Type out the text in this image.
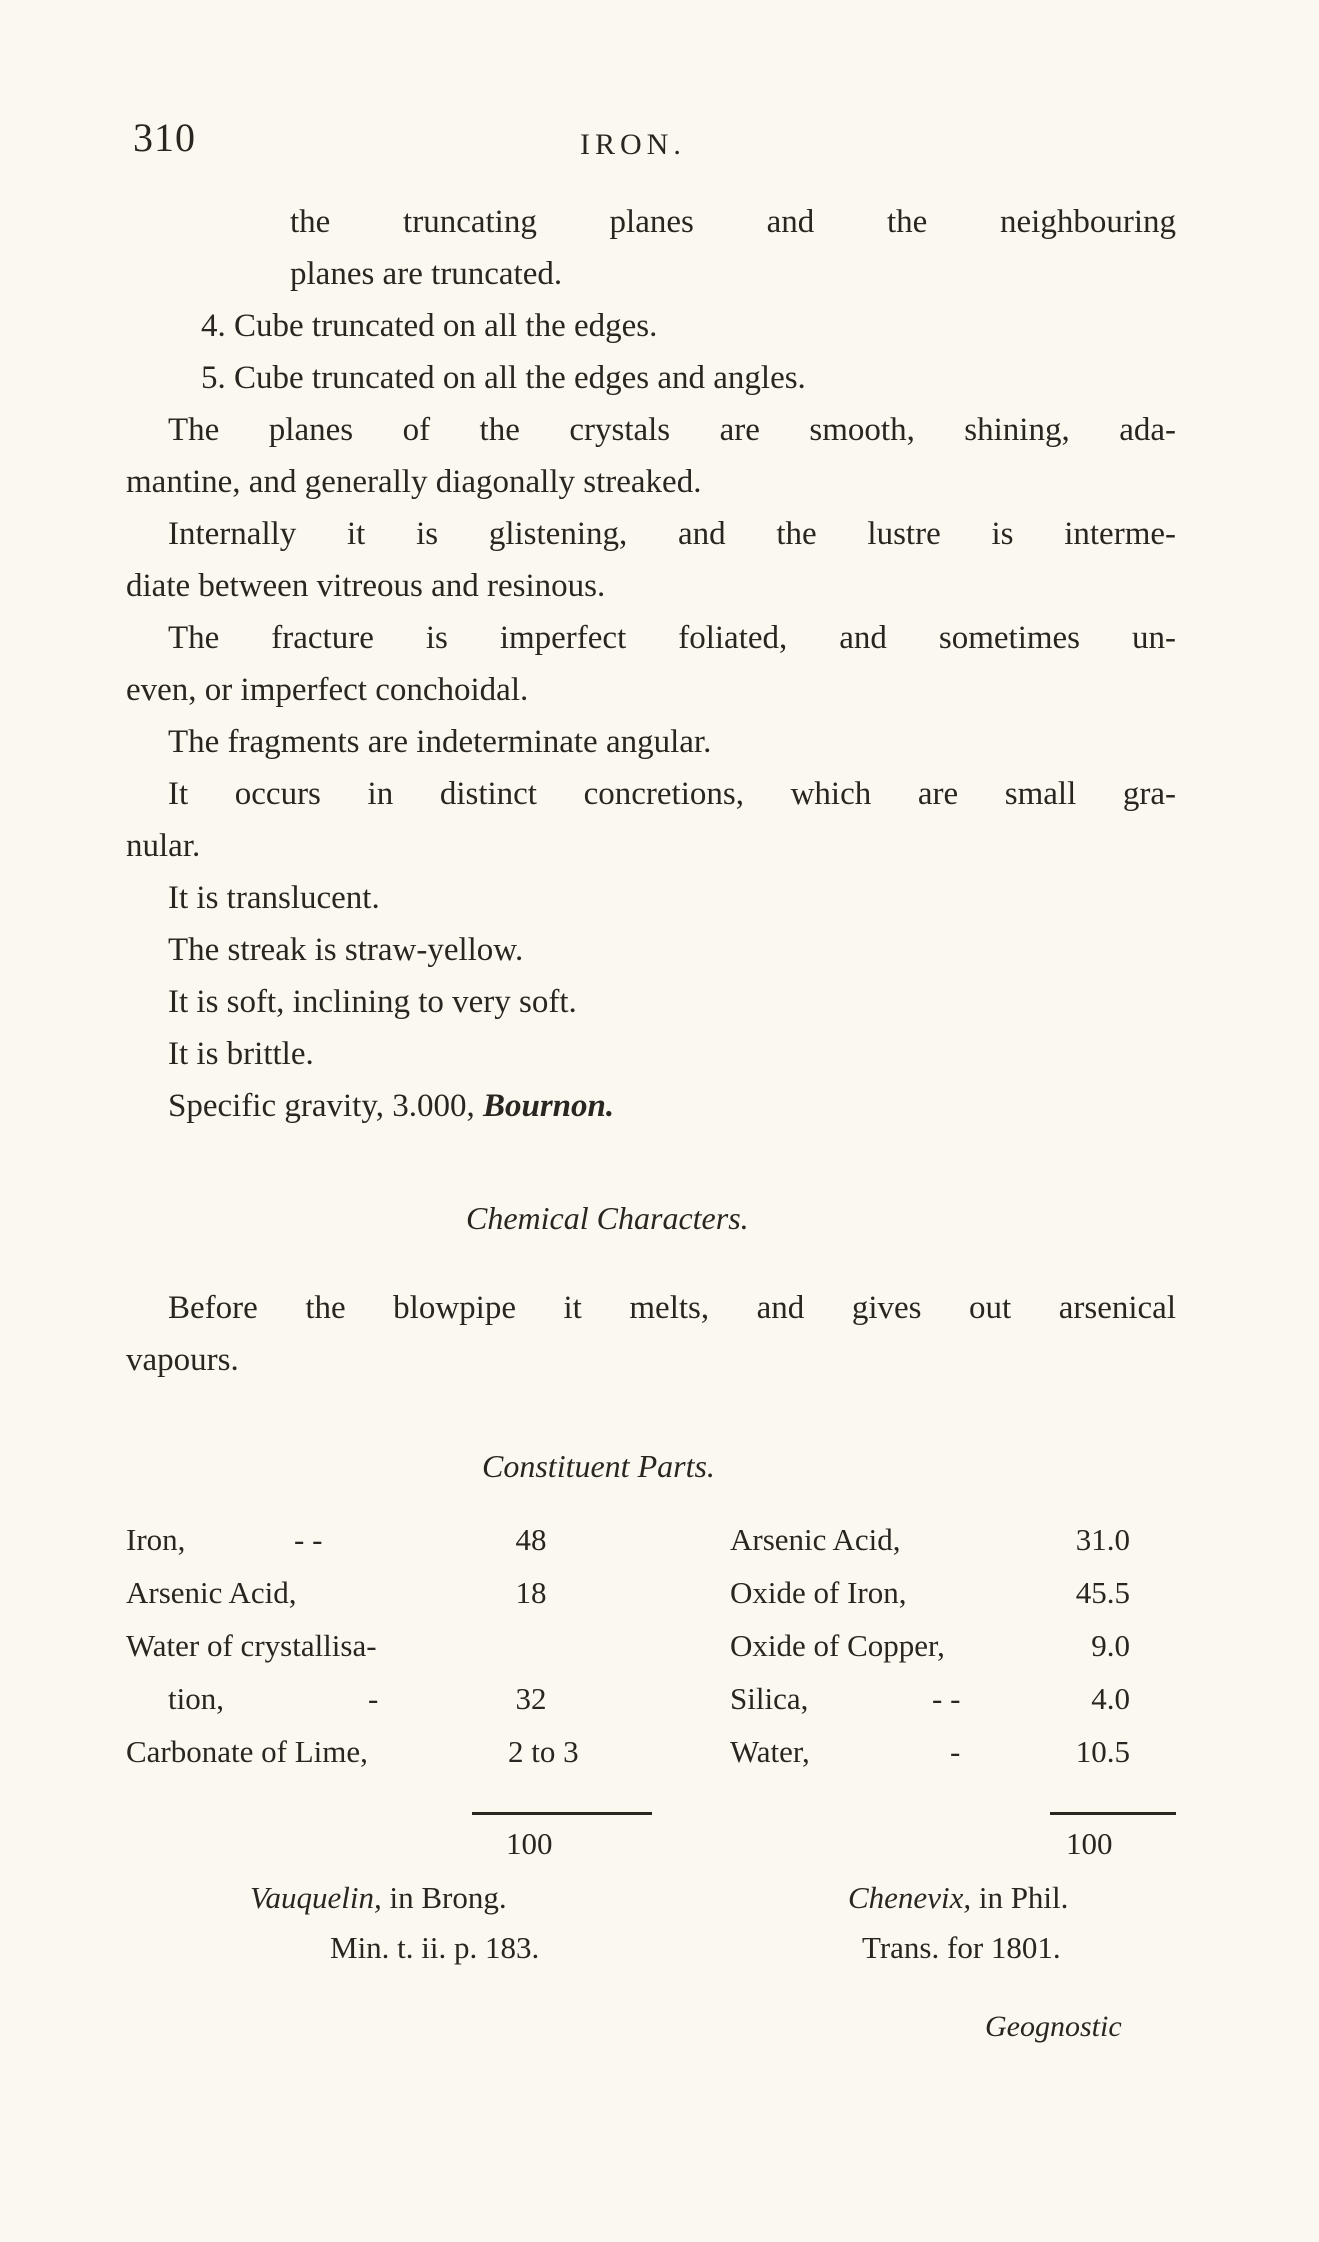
310	IRON.
the truncating planes and the neighbouring
planes are truncated.
4. Cube truncated on all the edges.
5. Cube truncated on all the edges and angles.
The planes of the crystals are smooth, shining, ada-
mantine, and generally diagonally streaked.
Internally it is glistening, and the lustre is interme-
diate between vitreous and resinous.
The fracture is imperfect foliated, and sometimes un-
even, or imperfect conchoidal.
The fragments are indeterminate angular.
It occurs in distinct concretions, which are small gra-
nular.
It is translucent.
The streak is straw-yellow.
It is soft, inclining to very soft.
It is brittle.
Specific gravity, 3.000, Bournon.
Chemical Characters.
Before the blowpipe it melts, and gives out arsenical
vapours.
Constituent Parts.
Iron,	- -	48
Arsenic Acid,	18
Water of crystallisa-
tion,	-	32
Carbonate of Lime,	2 to 3
100
Vauquelin, in Brong.
Min. t. ii. p. 183.
Arsenic Acid,	31.0
Oxide of Iron,	45.5
Oxide of Copper,	9.0
Silica,	- -	4.0
Water,	-	10.5
100
Chenevix, in Phil.
Trans. for 1801.
Geognostic
